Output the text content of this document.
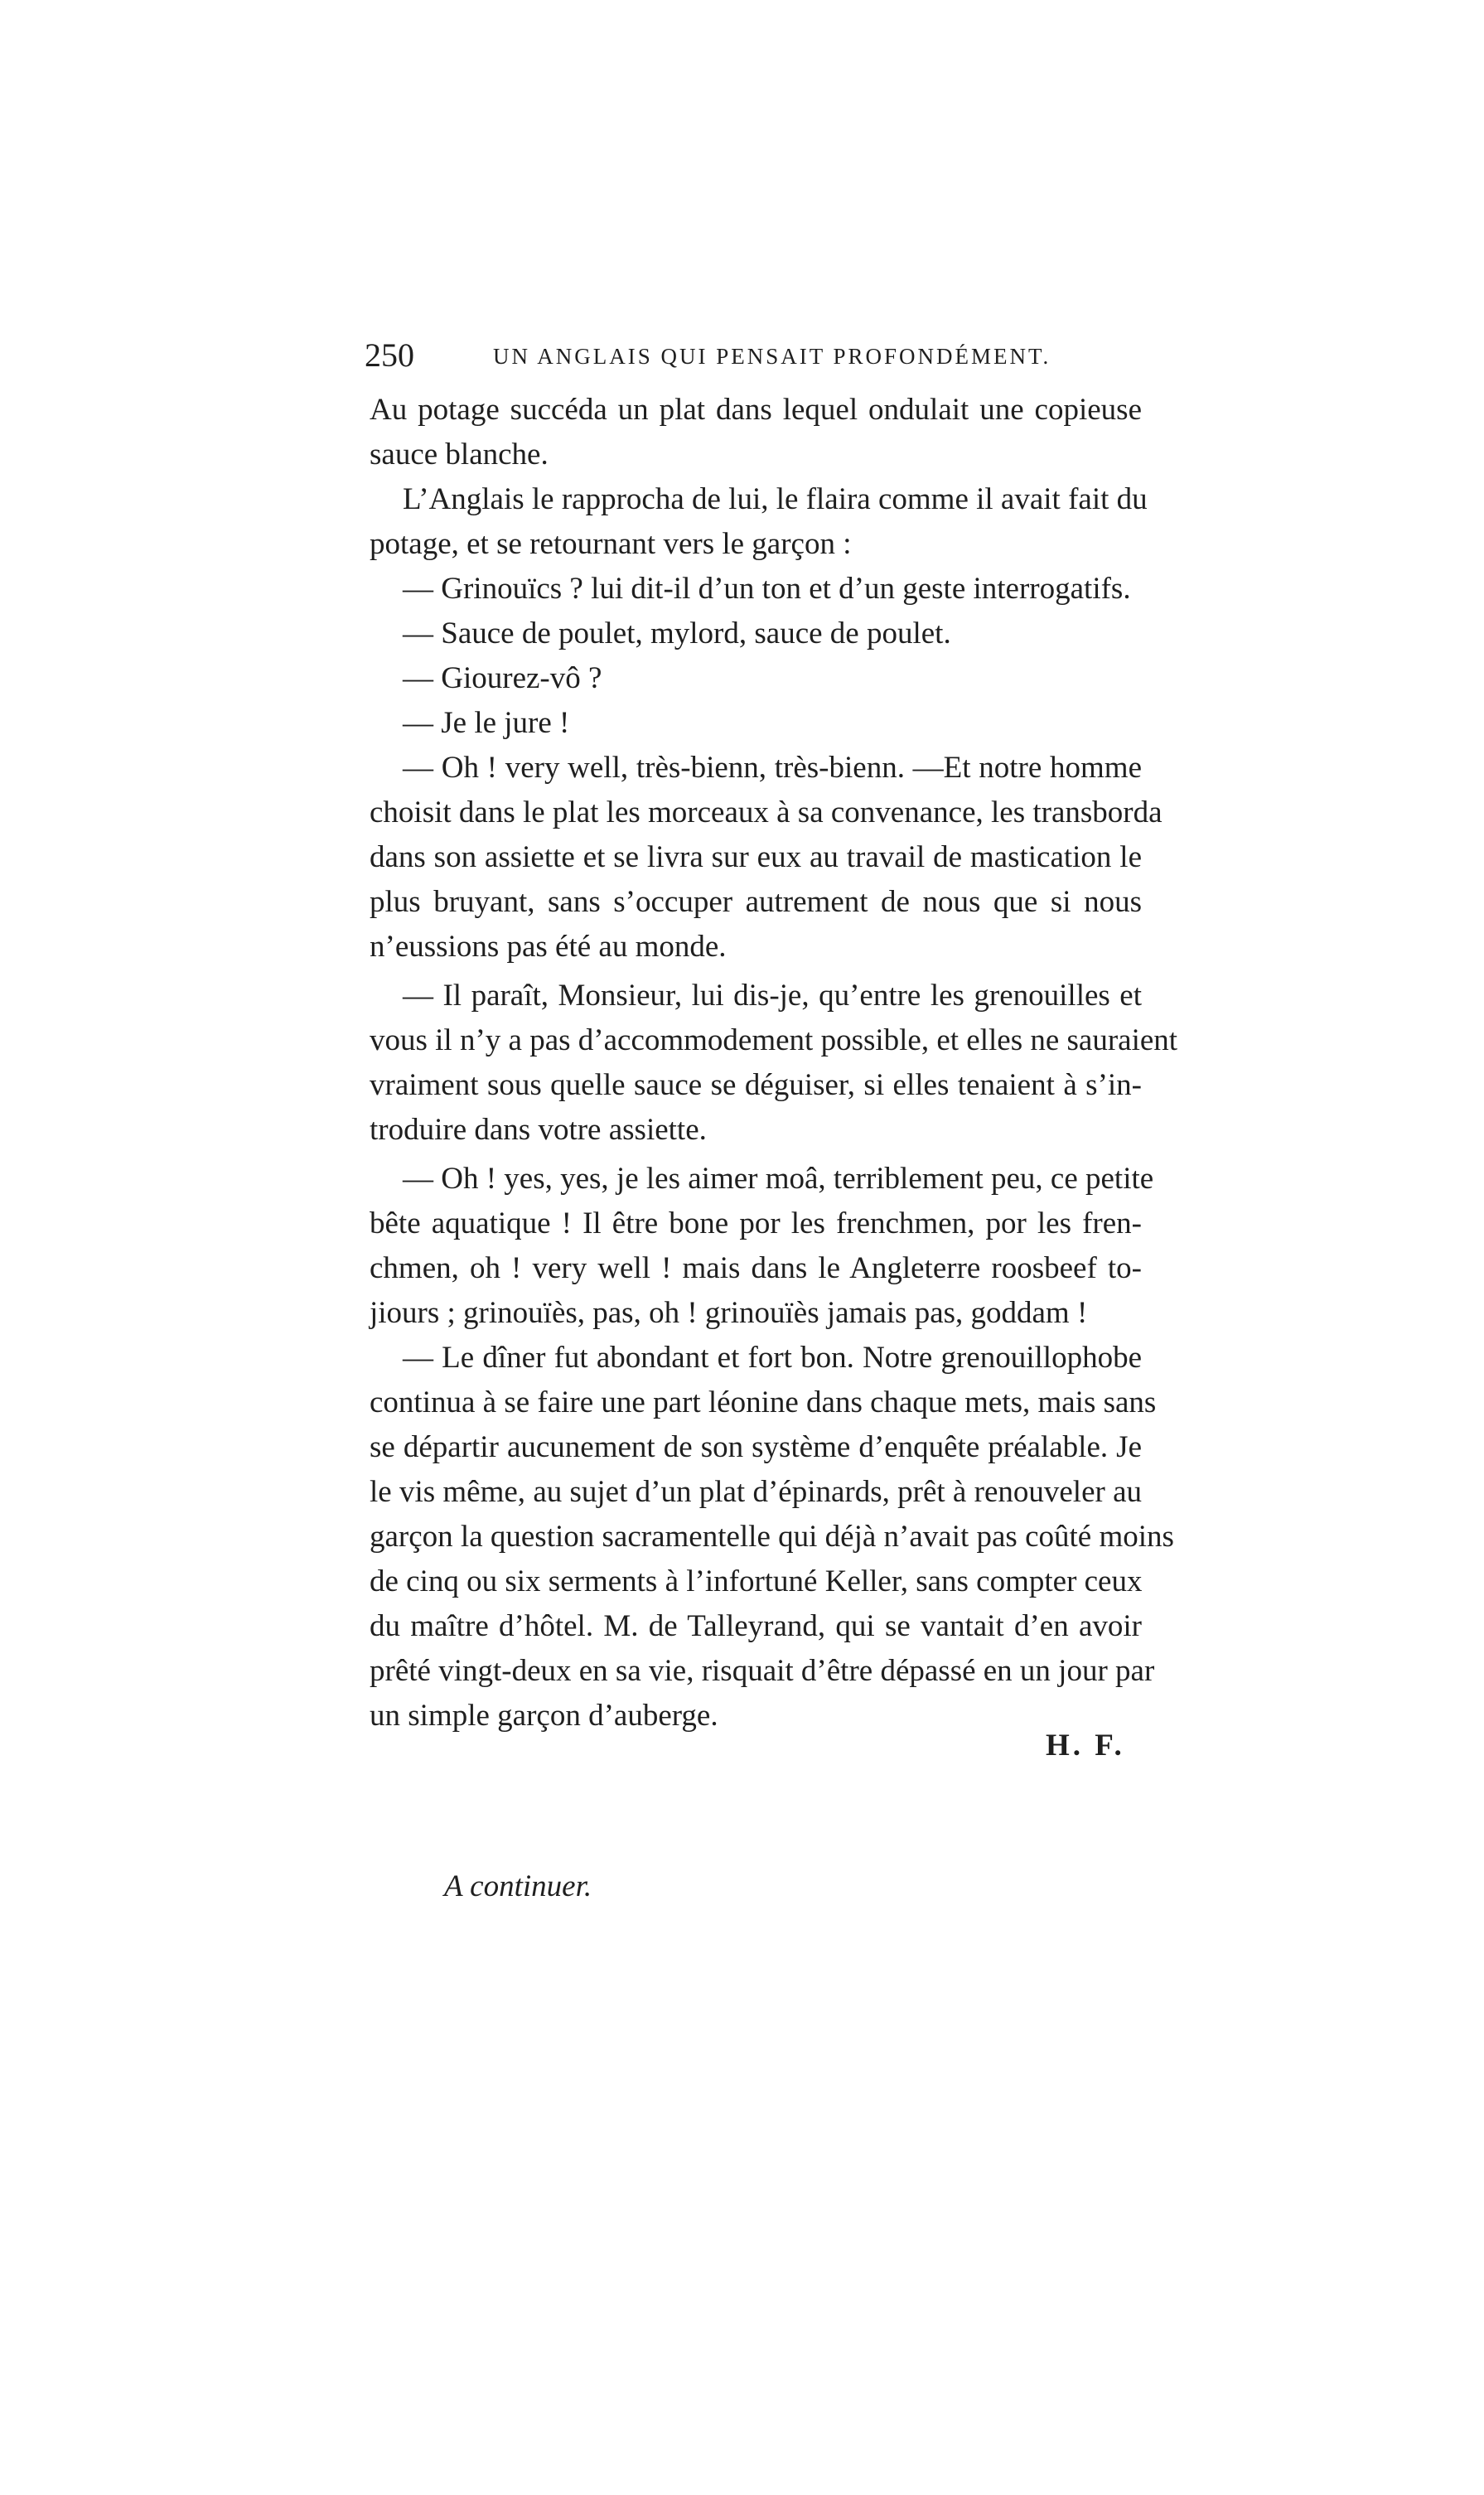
250	UN ANGLAIS QUI PENSAIT PROFONDÉMENT.
Au potage succéda un plat dans lequel ondulait une copieuse
sauce blanche.
L’Anglais le rapprocha de lui, le flaira comme il avait fait du
potage, et se retournant vers le garçon :
— Grinouïcs ? lui dit-il d’un ton et d’un geste interrogatifs.
— Sauce de poulet, mylord, sauce de poulet.
— Giourez-vô ?
— Je le jure !
— Oh ! very well, très-bienn, très-bienn. —Et notre homme
choisit dans le plat les morceaux à sa convenance, les transborda
dans son assiette et se livra sur eux au travail de mastication le
plus bruyant, sans s’occuper autrement de nous que si nous
n’eussions pas été au monde.
— Il paraît, Monsieur, lui dis-je, qu’entre les grenouilles et
vous il n’y a pas d’accommodement possible, et elles ne sauraient
vraiment sous quelle sauce se déguiser, si elles tenaient à s’in-
troduire dans votre assiette.
— Oh ! yes, yes, je les aimer moâ, terriblement peu, ce petite
bête aquatique ! Il être bone por les frenchmen, por les fren-
chmen, oh ! very well ! mais dans le Angleterre roosbeef to-
jiours ; grinouïès, pas, oh ! grinouïès jamais pas, goddam !
— Le dîner fut abondant et fort bon. Notre grenouillophobe
continua à se faire une part léonine dans chaque mets, mais sans
se départir aucunement de son système d’enquête préalable. Je
le vis même, au sujet d’un plat d’épinards, prêt à renouveler au
garçon la question sacramentelle qui déjà n’avait pas coûté moins
de cinq ou six serments à l’infortuné Keller, sans compter ceux
du maître d’hôtel. M. de Talleyrand, qui se vantait d’en avoir
prêté vingt-deux en sa vie, risquait d’être dépassé en un jour par
un simple garçon d’auberge.
H. F.
A continuer.
